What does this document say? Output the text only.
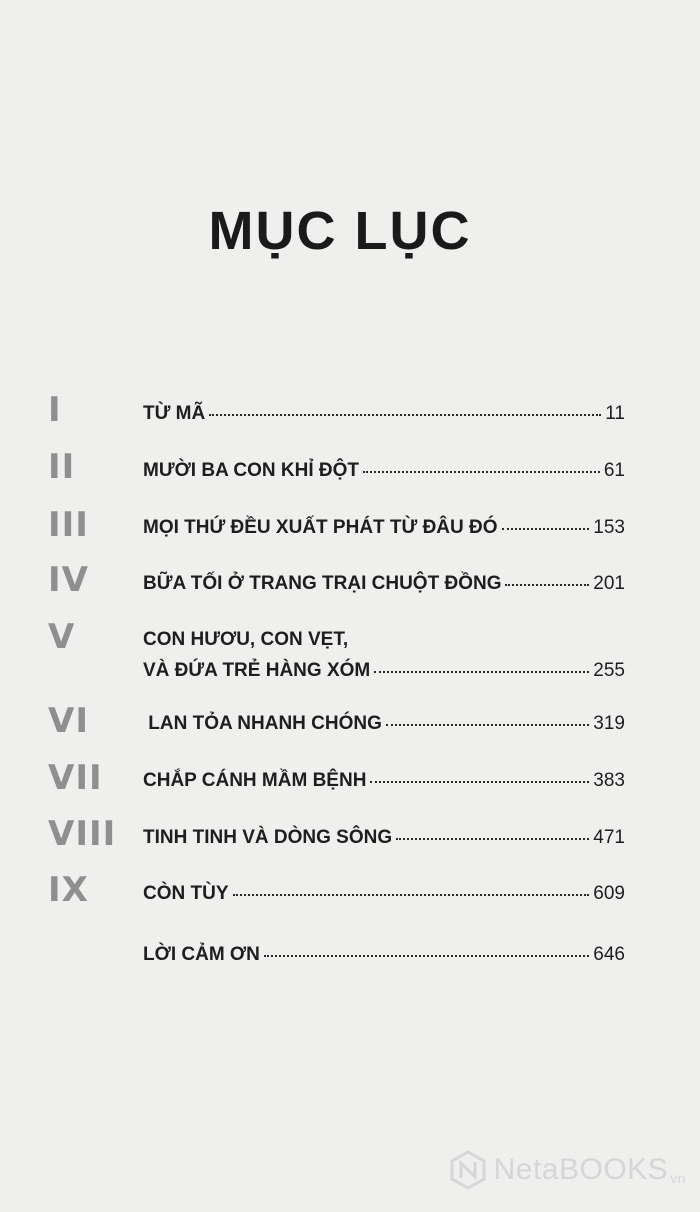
MỤC LỤC
I	TỪ MÃ	11
II	MƯỜI BA CON KHỈ ĐỘT	61
III	MỌI THỨ ĐỀU XUẤT PHÁT TỪ ĐÂU ĐÓ	153
IV	BỮA TỐI Ở TRANG TRẠI CHUỘT ĐỒNG	201
V	CON HƯƠU, CON VẸT,
VÀ ĐỨA TRẺ HÀNG XÓM	255
VI	LAN TỎA NHANH CHÓNG	319
VII CHẮP CÁNH MẦM BỆNH	383
VIII TINH TINH VÀ DÒNG SÔNG	471
IX	CÒN TÙY	609
LỜI CẢM ƠN	646
NetaBOOKS vn
